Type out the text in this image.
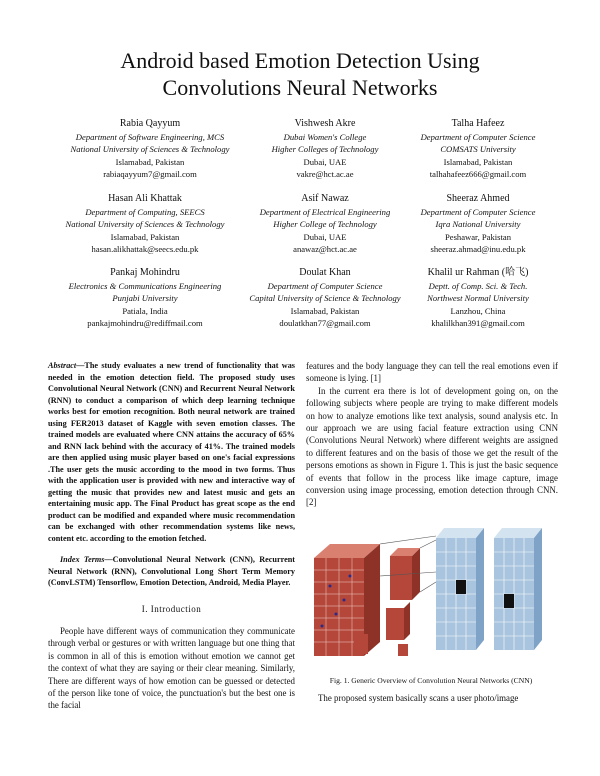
Android based Emotion Detection Using
Convolutions Neural Networks
Rabia Qayyum
Department of Software Engineering, MCS
National University of Sciences & Technology
Islamabad, Pakistan
rabiaqayyum7@gmail.com
Vishwesh Akre
Dubai Women's College
Higher Colleges of Technology
Dubai, UAE
vakre@hct.ac.ae
Talha Hafeez
Department of Computer Science
COMSATS University
Islamabad, Pakistan
talhahafeez666@gmail.com
Hasan Ali Khattak
Department of Computing, SEECS
National University of Sciences & Technology
Islamabad, Pakistan
hasan.alikhattak@seecs.edu.pk
Asif Nawaz
Department of Electrical Engineering
Higher College of Technology
Dubai, UAE
anawaz@hct.ac.ae
Sheeraz Ahmed
Department of Computer Science
Iqra National University
Peshawar, Pakistan
sheeraz.ahmad@inu.edu.pk
Pankaj Mohindru
Electronics & Communications Engineering
Punjabi University
Patiala, India
pankajmohindru@rediffmail.com
Doulat Khan
Department of Computer Science
Capital University of Science & Technology
Islamabad, Pakistan
doulatkhan77@gmail.com
Khalil ur Rahman (哈飞)
Deptt. of Comp. Sci. & Tech.
Northwest Normal University
Lanzhou, China
khalilkhan391@gmail.com

Abstract—The study evaluates a new trend of functionality that was needed in the emotion detection field. The proposed study uses Convolutional Neural Network (CNN) and Recurrent Neural Network (RNN) to conduct a comparison of which deep learning technique works best for emotion recognition. Both neural network are trained using FER2013 dataset of Kaggle with seven emotion classes. The trained models are evaluated where CNN attains the accuracy of 65% and RNN lack behind with the accuracy of 41%. The trained models are then applied using music player based on one's facial expressions .The user gets the music according to the mood in two forms. Thus with the application user is provided with new and interactive way of getting the music that provides new and latest music and gets an entertaining music app. The Final Product has great scope as the end product can be modified and expanded where music recommendation can be exchanged with other recommendation systems like news, content etc. according to the emotion fetched.

Index Terms—Convolutional Neural Network (CNN), Recurrent Neural Network (RNN), Convolutional Long Short Term Memory (ConvLSTM) Tensorflow, Emotion Detection, Android, Media Player.

I. Introduction

People have different ways of communication they communicate through verbal or gestures or with written language but one thing that is common in all of this is emotion without emotion we cannot get the context of what they are saying or their clear meaning. Similarly, There are different ways of how emotion can be guessed or detected of the person like tone of voice, the punctuation's but the best one is the facial

features and the body language they can tell the real emotions even if someone is lying. [1]

In the current era there is lot of development going on, on the following subjects where people are trying to make different models on how to analyze emotions like text analysis, sound analysis etc. In our approach we are using facial feature extraction using CNN (Convolutions Neural Network) where different weights are assigned to different features and on the basis of those we get the result of the persons emotions as shown in Figure 1. This is just the basic sequence of events that follow in the process like image capture, image conversion using image processing, emotion detection through CNN. [2]

Fig. 1. Generic Overview of Convolution Neural Networks (CNN)

The proposed system basically scans a user photo/image
